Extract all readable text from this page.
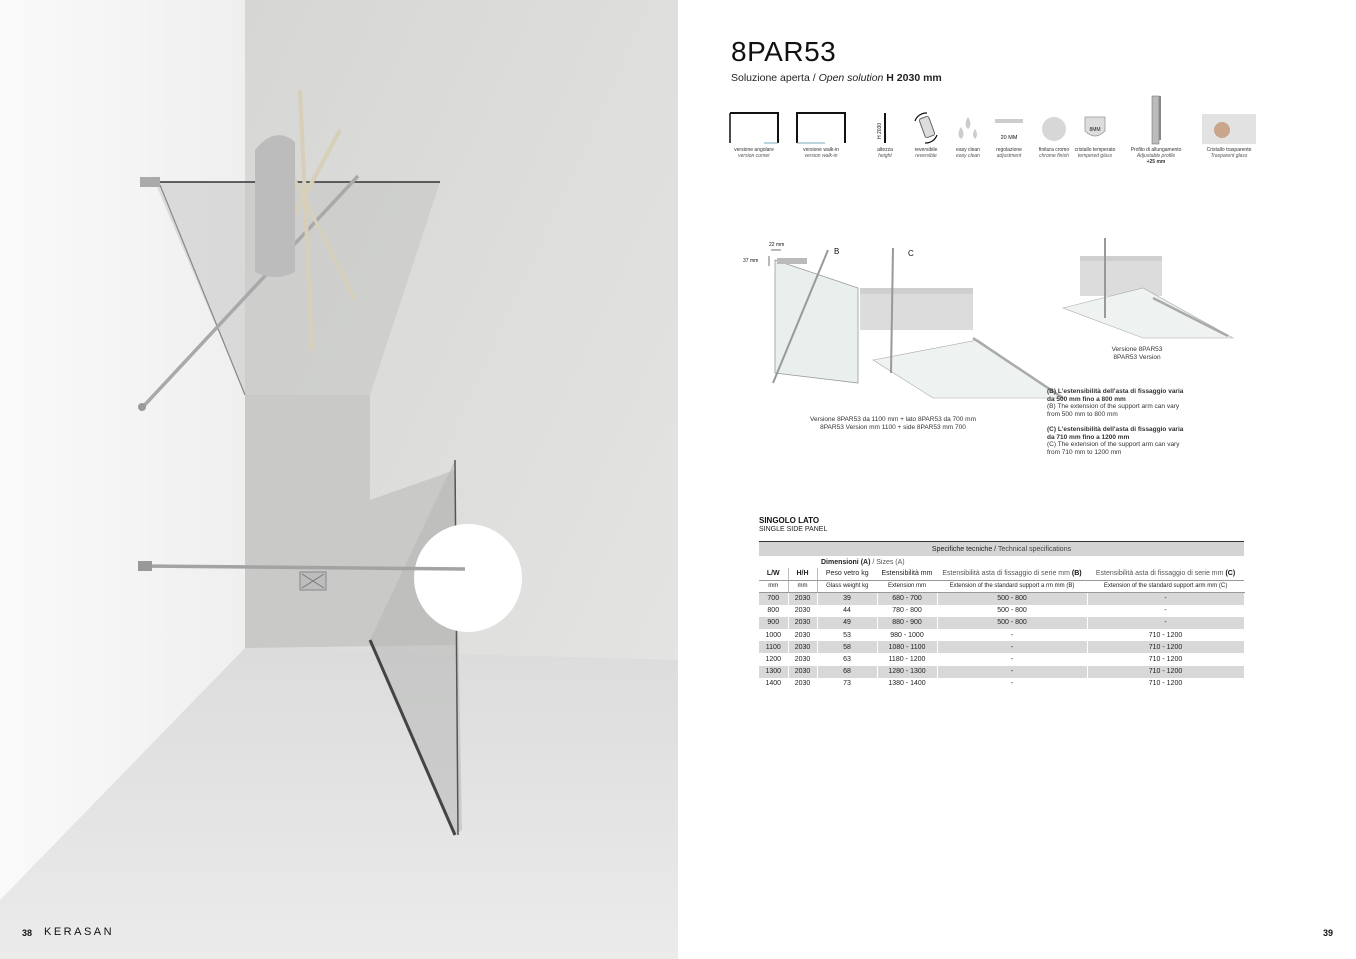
38 KERASAN
8PAR53
Soluzione aperta / Open solution H 2030 mm
versione angolare
version corner
versione walk-in
version walk-in
H 2030
altezza
height
reversibile
reversible
easy clean
easy clean
20 MM
regolazione
adjustment
finitura cromo
chrome finish
8MM
cristallo temperato
tempered glass
Profilo di allungamento
Adjustable profile
+25 mm
Cristallo trasparente
Trasparent glass
22 mm
37 mm
B	C
Versione 8PAR53
8PAR53 Version
Versione 8PAR53 da 1100 mm + lato 8PAR53 da 700 mm
8PAR53 Version mm 1100 + side 8PAR53 mm 700
(B) L'estensibilità dell'asta di fissaggio varia
da 500 mm fino a 800 mm
(B) The extension of the support arm can vary
from 500 mm to 800 mm
(C) L'estensibilità dell'asta di fissaggio varia
da 710 mm fino a 1200 mm
(C) The extension of the support arm can vary
from 710 mm to 1200 mm
SINGOLO LATO
SINGLE SIDE PANEL
Specifiche tecniche / Technical specifications
		Dimensioni (A) / Sizes (A)			
L/W	H/H	Peso vetro kg	Estensibilità mm	Estensibilità asta di fissaggio di serie mm (B)	Estensibilità asta di fissaggio di serie mm (C)
mm	mm	Glass weight kg	Extension mm	Extension of the standard support a rm mm (B)	Extension of the standard support arm mm (C)
700	2030	39	680 - 700	500 - 800	-
800	2030	44	780 - 800	500 - 800	-
900	2030	49	880 - 900	500 - 800	-
1000	2030	53	980 - 1000	-	710 - 1200
1100	2030	58	1080 - 1100	-	710 - 1200
1200	2030	63	1180 - 1200	-	710 - 1200
1300	2030	68	1280 - 1300	-	710 - 1200
1400	2030	73	1380 - 1400	-	710 - 1200
39
